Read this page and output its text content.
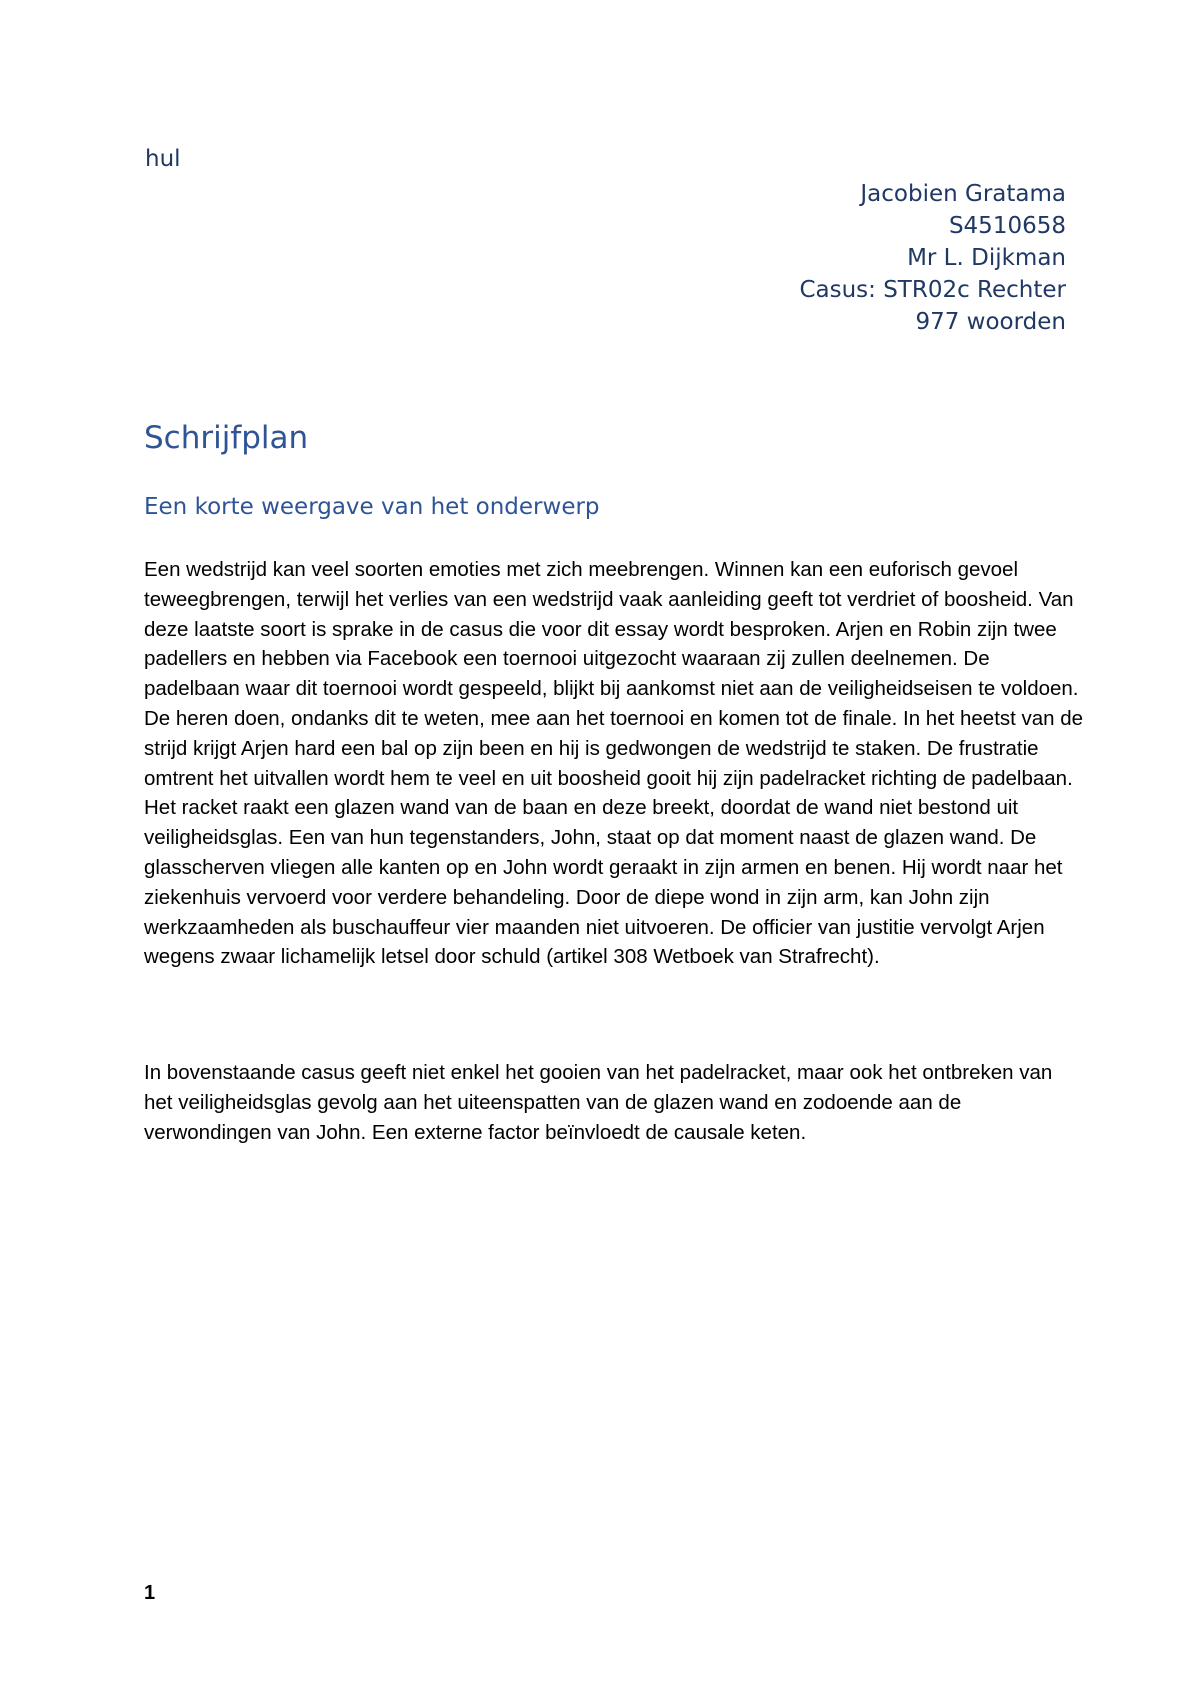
hul

Jacobien Gratama
S4510658
Mr L. Dijkman
Casus: STR02c Rechter
977 woorden
Schrijfplan
Een korte weergave van het onderwerp

Een wedstrijd kan veel soorten emoties met zich meebrengen. Winnen kan een euforisch gevoel teweegbrengen, terwijl het verlies van een wedstrijd vaak aanleiding geeft tot verdriet of boosheid. Van deze laatste soort is sprake in de casus die voor dit essay wordt besproken. Arjen en Robin zijn twee padellers en hebben via Facebook een toernooi uitgezocht waaraan zij zullen deelnemen. De padelbaan waar dit toernooi wordt gespeeld, blijkt bij aankomst niet aan de veiligheidseisen te voldoen. De heren doen, ondanks dit te weten, mee aan het toernooi en komen tot de finale. In het heetst van de strijd krijgt Arjen hard een bal op zijn been en hij is gedwongen de wedstrijd te staken. De frustratie omtrent het uitvallen wordt hem te veel en uit boosheid gooit hij zijn padelracket richting de padelbaan. Het racket raakt een glazen wand van de baan en deze breekt, doordat de wand niet bestond uit veiligheidsglas. Een van hun tegenstanders, John, staat op dat moment naast de glazen wand. De glasscherven vliegen alle kanten op en John wordt geraakt in zijn armen en benen. Hij wordt naar het ziekenhuis vervoerd voor verdere behandeling. Door de diepe wond in zijn arm, kan John zijn werkzaamheden als buschauffeur vier maanden niet uitvoeren. De officier van justitie vervolgt Arjen wegens zwaar lichamelijk letsel door schuld (artikel 308 Wetboek van Strafrecht).

In bovenstaande casus geeft niet enkel het gooien van het padelracket, maar ook het ontbreken van het veiligheidsglas gevolg aan het uiteenspatten van de glazen wand en zodoende aan de verwondingen van John. Een externe factor beïnvloedt de causale keten.

1
